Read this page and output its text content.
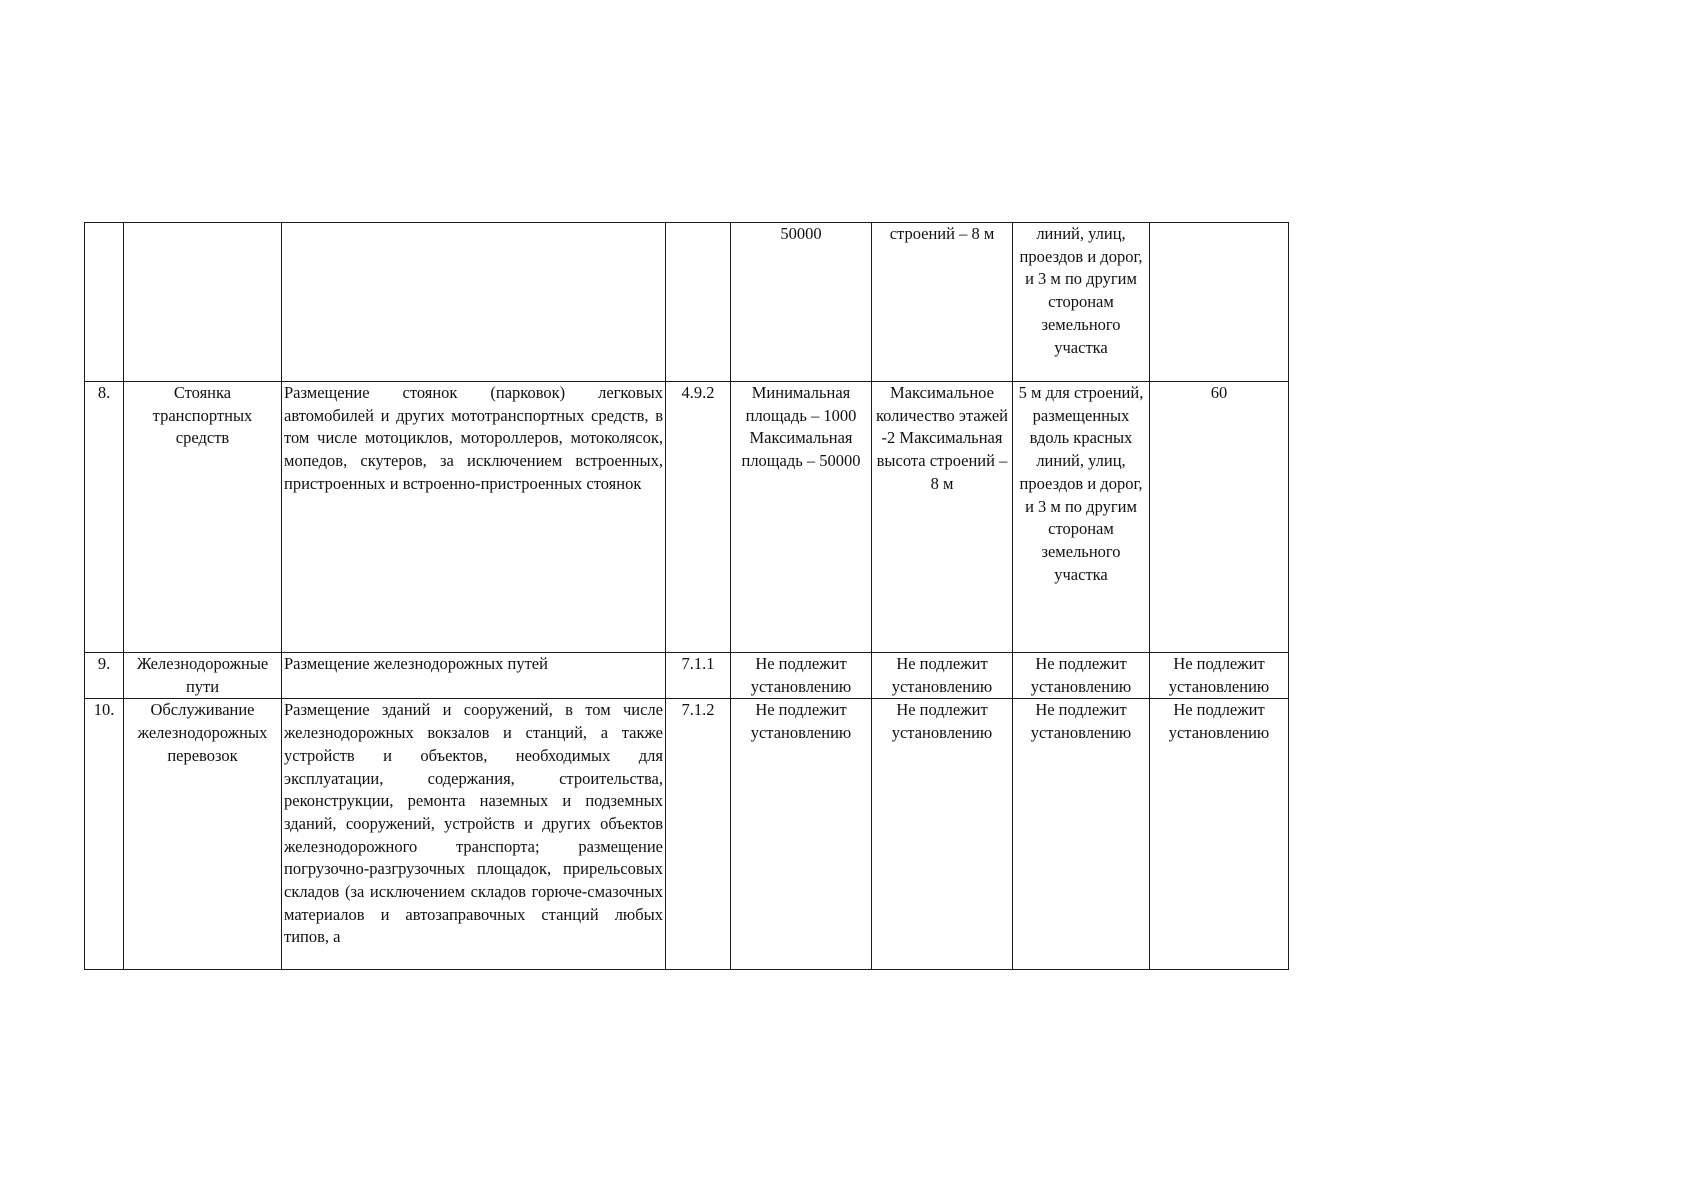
				50000	строений – 8 м	линий, улиц, проездов и дорог, и 3 м по другим сторонам земельного участка	
8.	Стоянка транспортных средств	Размещение стоянок (парковок) легковых автомобилей и других мототранспортных средств, в том числе мотоциклов, мотороллеров, мотоколясок, мопедов, скутеров, за исключением встроенных, пристроенных и встроенно-пристроенных стоянок	4.9.2	Минимальная площадь – 1000 Максимальная площадь – 50000	Максимальное количество этажей -2 Максимальная высота строений – 8 м	5 м для строений, размещенных вдоль красных линий, улиц, проездов и дорог, и 3 м по другим сторонам земельного участка	60
9.	Железнодорожные пути	Размещение железнодорожных путей	7.1.1	Не подлежит установлению	Не подлежит установлению	Не подлежит установлению	Не подлежит установлению
10.	Обслуживание железнодорожных перевозок	Размещение зданий и сооружений, в том числе железнодорожных вокзалов и станций, а также устройств и объектов, необходимых для эксплуатации, содержания, строительства, реконструкции, ремонта наземных и подземных зданий, сооружений, устройств и других объектов железнодорожного транспорта; размещение погрузочно-разгрузочных площадок, прирельсовых складов (за исключением складов горюче-смазочных материалов и автозаправочных станций любых типов, а	7.1.2	Не подлежит установлению	Не подлежит установлению	Не подлежит установлению	Не подлежит установлению
